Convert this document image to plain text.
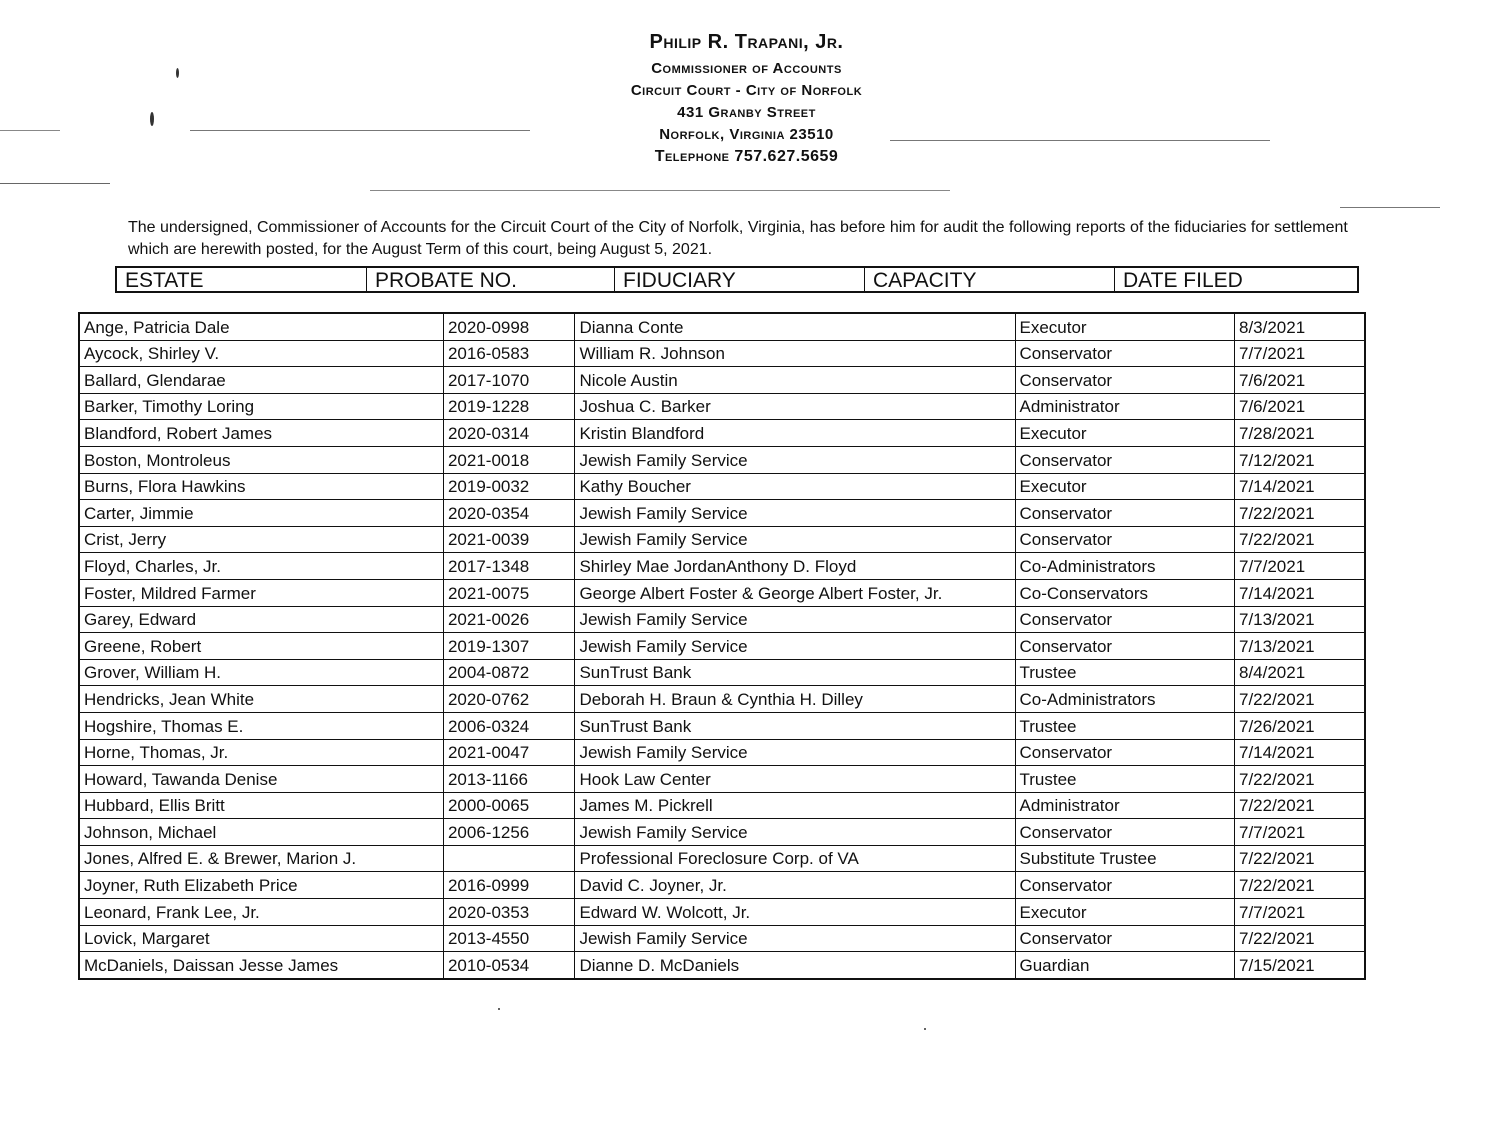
Philip R. Trapani, Jr.
Commissioner of Accounts
Circuit Court - City of Norfolk
431 Granby Street
Norfolk, Virginia 23510
Telephone 757.627.5659

The undersigned, Commissioner of Accounts for the Circuit Court of the City of Norfolk, Virginia, has before him for audit the following reports of the fiduciaries for settlement which are herewith posted, for the August Term of this court, being August 5, 2021.

ESTATE	PROBATE NO.	FIDUCIARY	CAPACITY	DATE FILED
Ange, Patricia Dale	2020-0998	Dianna Conte	Executor	8/3/2021
Aycock, Shirley V.	2016-0583	William R. Johnson	Conservator	7/7/2021
Ballard, Glendarae	2017-1070	Nicole Austin	Conservator	7/6/2021
Barker, Timothy Loring	2019-1228	Joshua C. Barker	Administrator	7/6/2021
Blandford, Robert James	2020-0314	Kristin Blandford	Executor	7/28/2021
Boston, Montroleus	2021-0018	Jewish Family Service	Conservator	7/12/2021
Burns, Flora Hawkins	2019-0032	Kathy Boucher	Executor	7/14/2021
Carter, Jimmie	2020-0354	Jewish Family Service	Conservator	7/22/2021
Crist, Jerry	2021-0039	Jewish Family Service	Conservator	7/22/2021
Floyd, Charles, Jr.	2017-1348	Shirley Mae JordanAnthony D. Floyd	Co-Administrators	7/7/2021
Foster, Mildred Farmer	2021-0075	George Albert Foster & George Albert Foster, Jr.	Co-Conservators	7/14/2021
Garey, Edward	2021-0026	Jewish Family Service	Conservator	7/13/2021
Greene, Robert	2019-1307	Jewish Family Service	Conservator	7/13/2021
Grover, William H.	2004-0872	SunTrust Bank	Trustee	8/4/2021
Hendricks, Jean White	2020-0762	Deborah H. Braun & Cynthia H. Dilley	Co-Administrators	7/22/2021
Hogshire, Thomas E.	2006-0324	SunTrust Bank	Trustee	7/26/2021
Horne, Thomas, Jr.	2021-0047	Jewish Family Service	Conservator	7/14/2021
Howard, Tawanda Denise	2013-1166	Hook Law Center	Trustee	7/22/2021
Hubbard, Ellis Britt	2000-0065	James M. Pickrell	Administrator	7/22/2021
Johnson, Michael	2006-1256	Jewish Family Service	Conservator	7/7/2021
Jones, Alfred E. & Brewer, Marion J.		Professional Foreclosure Corp. of VA	Substitute Trustee	7/22/2021
Joyner, Ruth Elizabeth Price	2016-0999	David C. Joyner, Jr.	Conservator	7/22/2021
Leonard, Frank Lee, Jr.	2020-0353	Edward W. Wolcott, Jr.	Executor	7/7/2021
Lovick, Margaret	2013-4550	Jewish Family Service	Conservator	7/22/2021
McDaniels, Daissan Jesse James	2010-0534	Dianne D. McDaniels	Guardian	7/15/2021
